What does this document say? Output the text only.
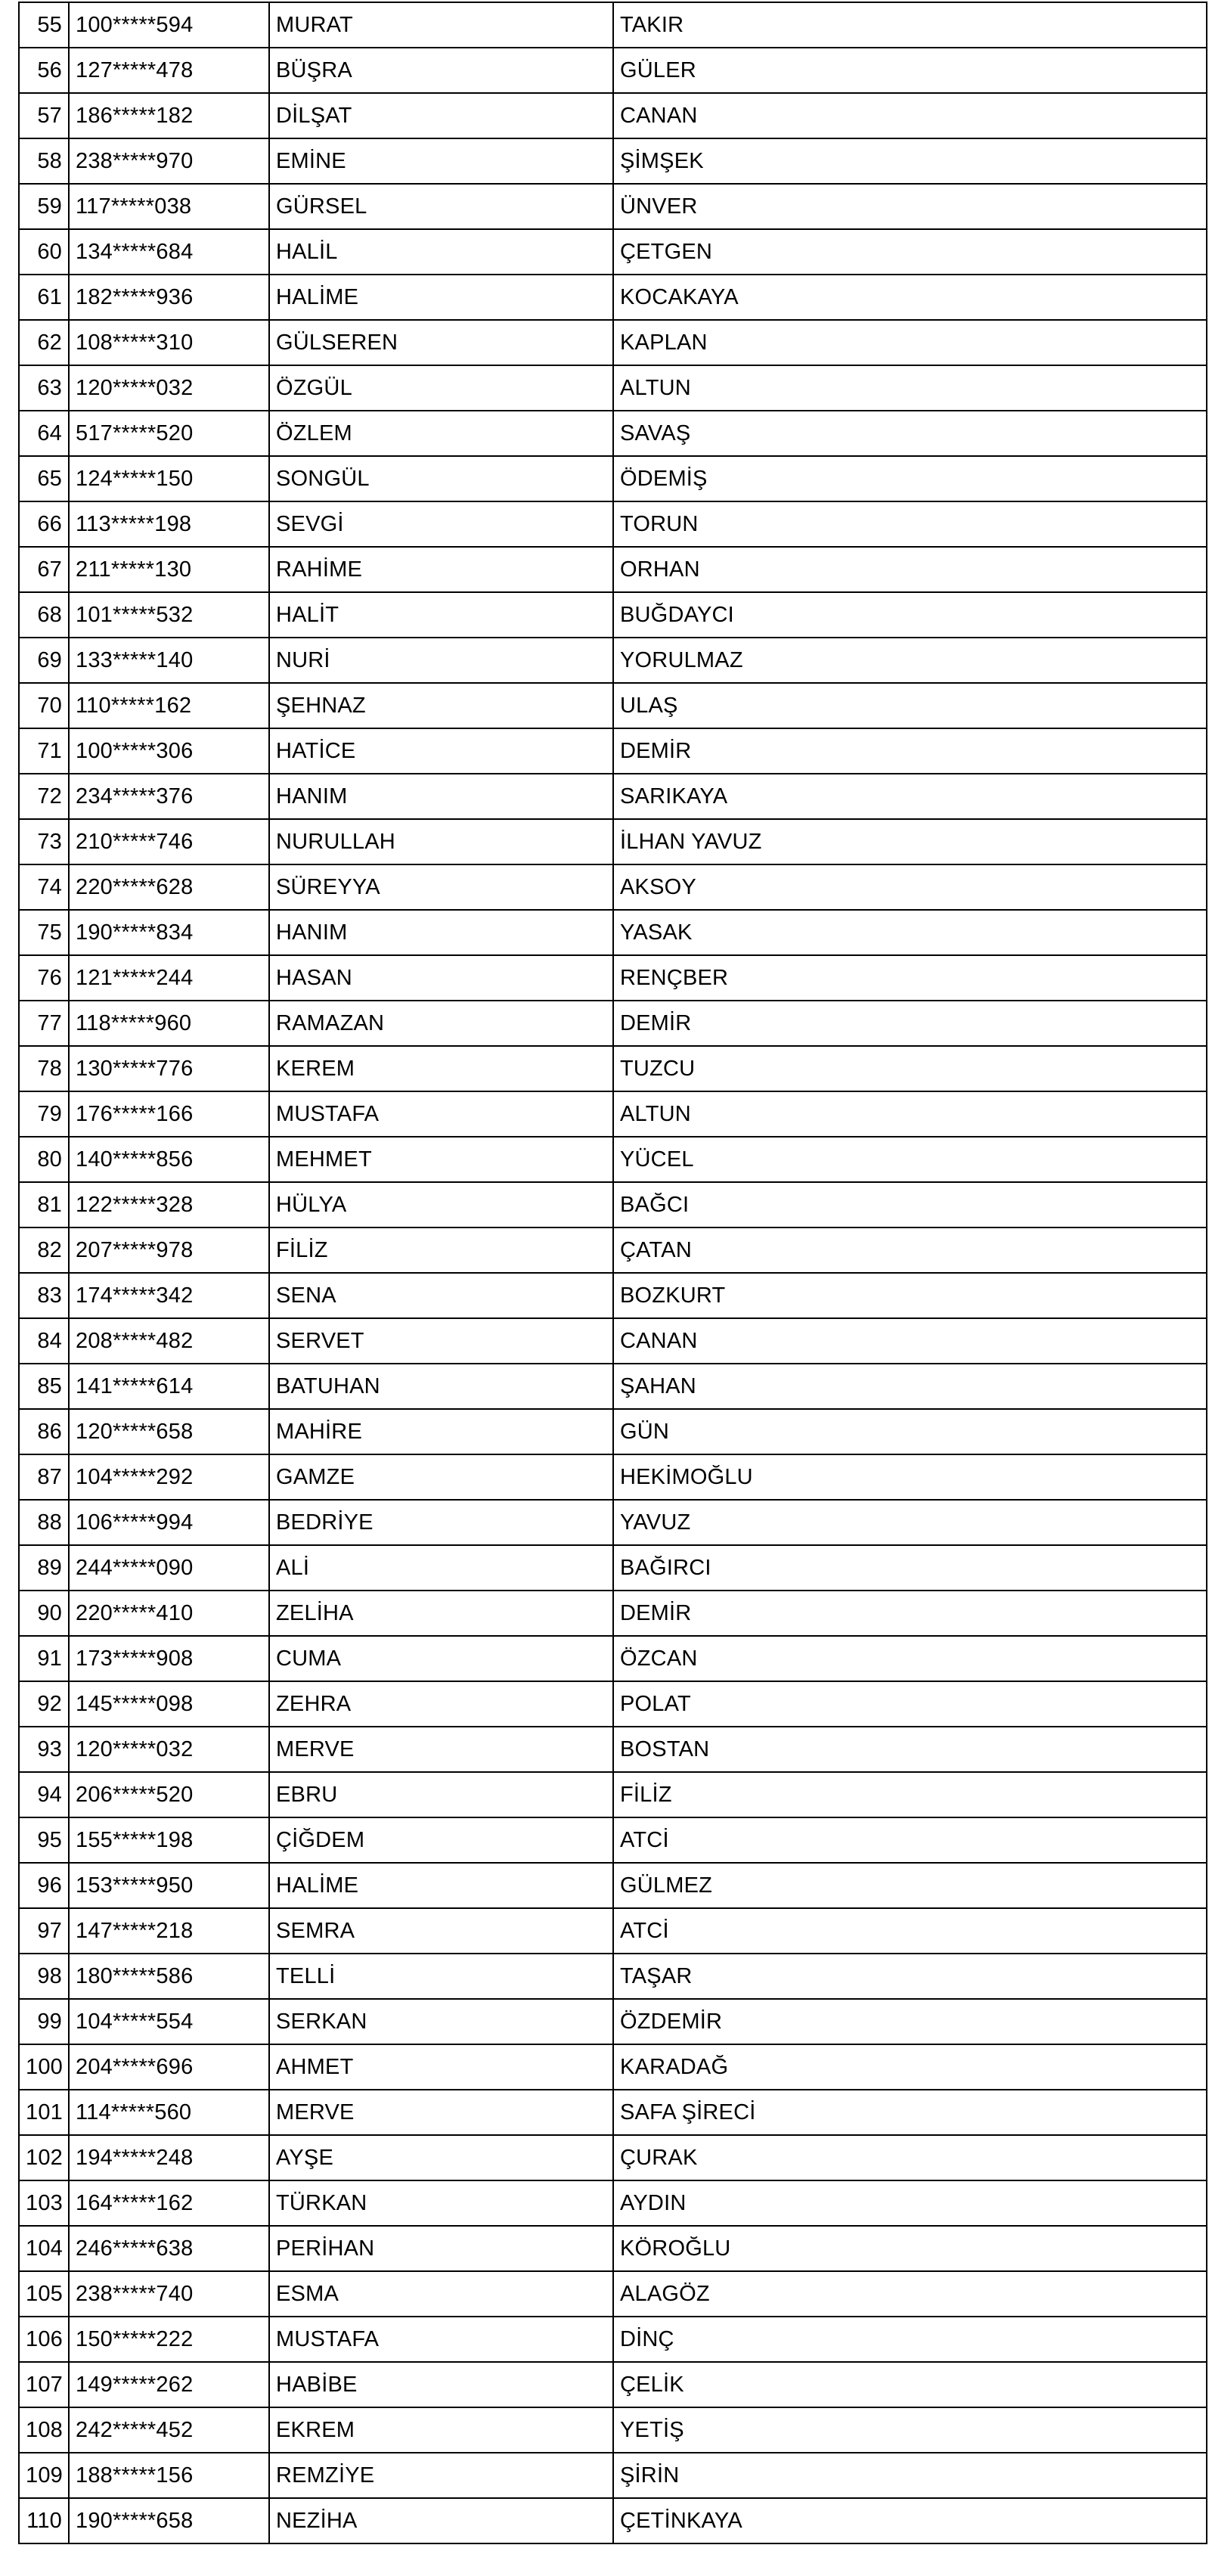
55	100*****594	MURAT	TAKIR
56	127*****478	BÜŞRA	GÜLER
57	186*****182	DİLŞAT	CANAN
58	238*****970	EMİNE	ŞİMŞEK
59	117*****038	GÜRSEL	ÜNVER
60	134*****684	HALİL	ÇETGEN
61	182*****936	HALİME	KOCAKAYA
62	108*****310	GÜLSEREN	KAPLAN
63	120*****032	ÖZGÜL	ALTUN
64	517*****520	ÖZLEM	SAVAŞ
65	124*****150	SONGÜL	ÖDEMİŞ
66	113*****198	SEVGİ	TORUN
67	211*****130	RAHİME	ORHAN
68	101*****532	HALİT	BUĞDAYCI
69	133*****140	NURİ	YORULMAZ
70	110*****162	ŞEHNAZ	ULAŞ
71	100*****306	HATİCE	DEMİR
72	234*****376	HANIM	SARIKAYA
73	210*****746	NURULLAH	İLHAN YAVUZ
74	220*****628	SÜREYYA	AKSOY
75	190*****834	HANIM	YASAK
76	121*****244	HASAN	RENÇBER
77	118*****960	RAMAZAN	DEMİR
78	130*****776	KEREM	TUZCU
79	176*****166	MUSTAFA	ALTUN
80	140*****856	MEHMET	YÜCEL
81	122*****328	HÜLYA	BAĞCI
82	207*****978	FİLİZ	ÇATAN
83	174*****342	SENA	BOZKURT
84	208*****482	SERVET	CANAN
85	141*****614	BATUHAN	ŞAHAN
86	120*****658	MAHİRE	GÜN
87	104*****292	GAMZE	HEKİMOĞLU
88	106*****994	BEDRİYE	YAVUZ
89	244*****090	ALİ	BAĞIRCI
90	220*****410	ZELİHA	DEMİR
91	173*****908	CUMA	ÖZCAN
92	145*****098	ZEHRA	POLAT
93	120*****032	MERVE	BOSTAN
94	206*****520	EBRU	FİLİZ
95	155*****198	ÇİĞDEM	ATCİ
96	153*****950	HALİME	GÜLMEZ
97	147*****218	SEMRA	ATCİ
98	180*****586	TELLİ	TAŞAR
99	104*****554	SERKAN	ÖZDEMİR
100	204*****696	AHMET	KARADAĞ
101	114*****560	MERVE	SAFA ŞİRECİ
102	194*****248	AYŞE	ÇURAK
103	164*****162	TÜRKAN	AYDIN
104	246*****638	PERİHAN	KÖROĞLU
105	238*****740	ESMA	ALAGÖZ
106	150*****222	MUSTAFA	DİNÇ
107	149*****262	HABİBE	ÇELİK
108	242*****452	EKREM	YETİŞ
109	188*****156	REMZİYE	ŞİRİN
110	190*****658	NEZİHA	ÇETİNKAYA
